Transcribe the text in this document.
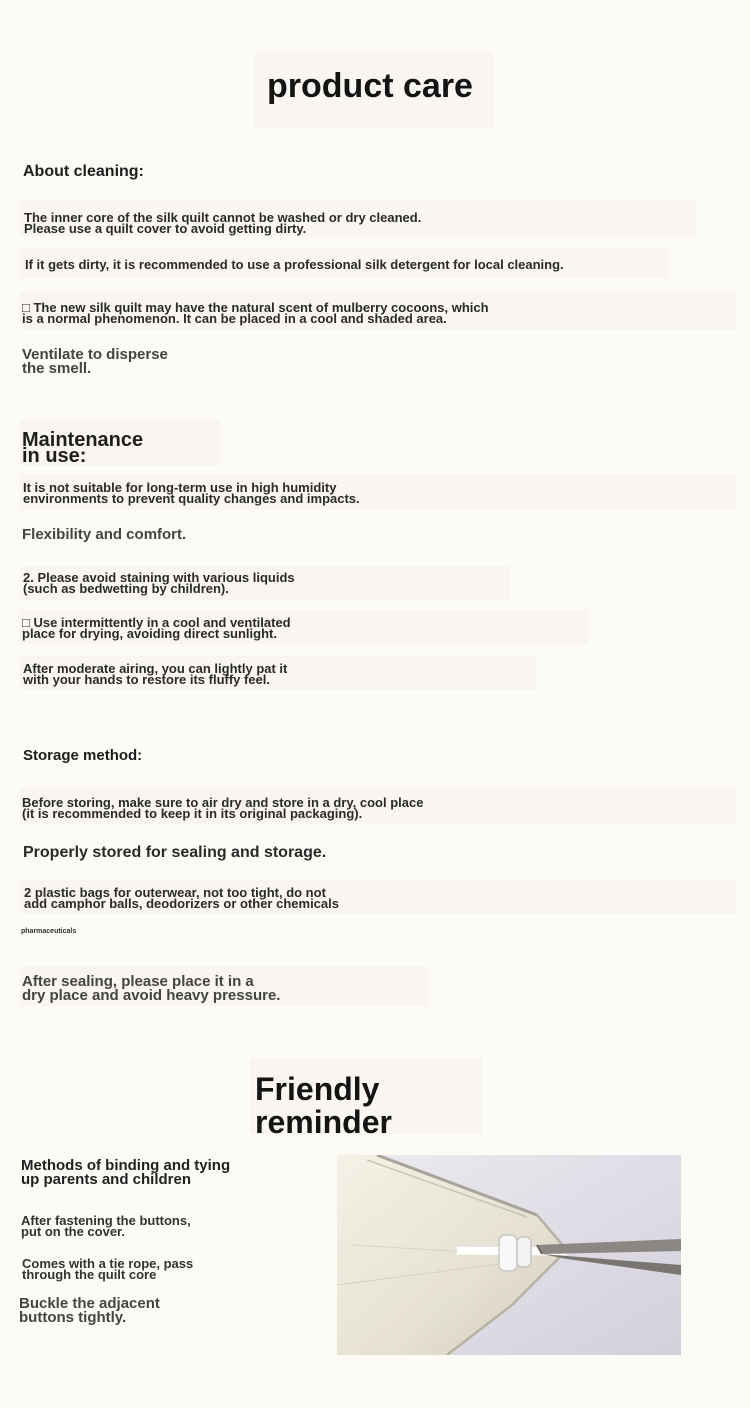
product care
About cleaning:
The inner core of the silk quilt cannot be washed or dry cleaned.
Please use a quilt cover to avoid getting dirty.
If it gets dirty, it is recommended to use a professional silk detergent for local cleaning.
□ The new silk quilt may have the natural scent of mulberry cocoons, which
is a normal phenomenon. It can be placed in a cool and shaded area.
Ventilate to disperse
the smell.
Maintenance
in use:
It is not suitable for long-term use in high humidity
environments to prevent quality changes and impacts.
Flexibility and comfort.
2. Please avoid staining with various liquids
(such as bedwetting by children).
□ Use intermittently in a cool and ventilated
place for drying, avoiding direct sunlight.
After moderate airing, you can lightly pat it
with your hands to restore its fluffy feel.
Storage method:
Before storing, make sure to air dry and store in a dry, cool place
(it is recommended to keep it in its original packaging).
Properly stored for sealing and storage.
2 plastic bags for outerwear, not too tight, do not
add camphor balls, deodorizers or other chemicals
pharmaceuticals
After sealing, please place it in a
dry place and avoid heavy pressure.
Friendly
reminder
Methods of binding and tying
up parents and children
After fastening the buttons,
put on the cover.
Comes with a tie rope, pass
through the quilt core
Buckle the adjacent
buttons tightly.
